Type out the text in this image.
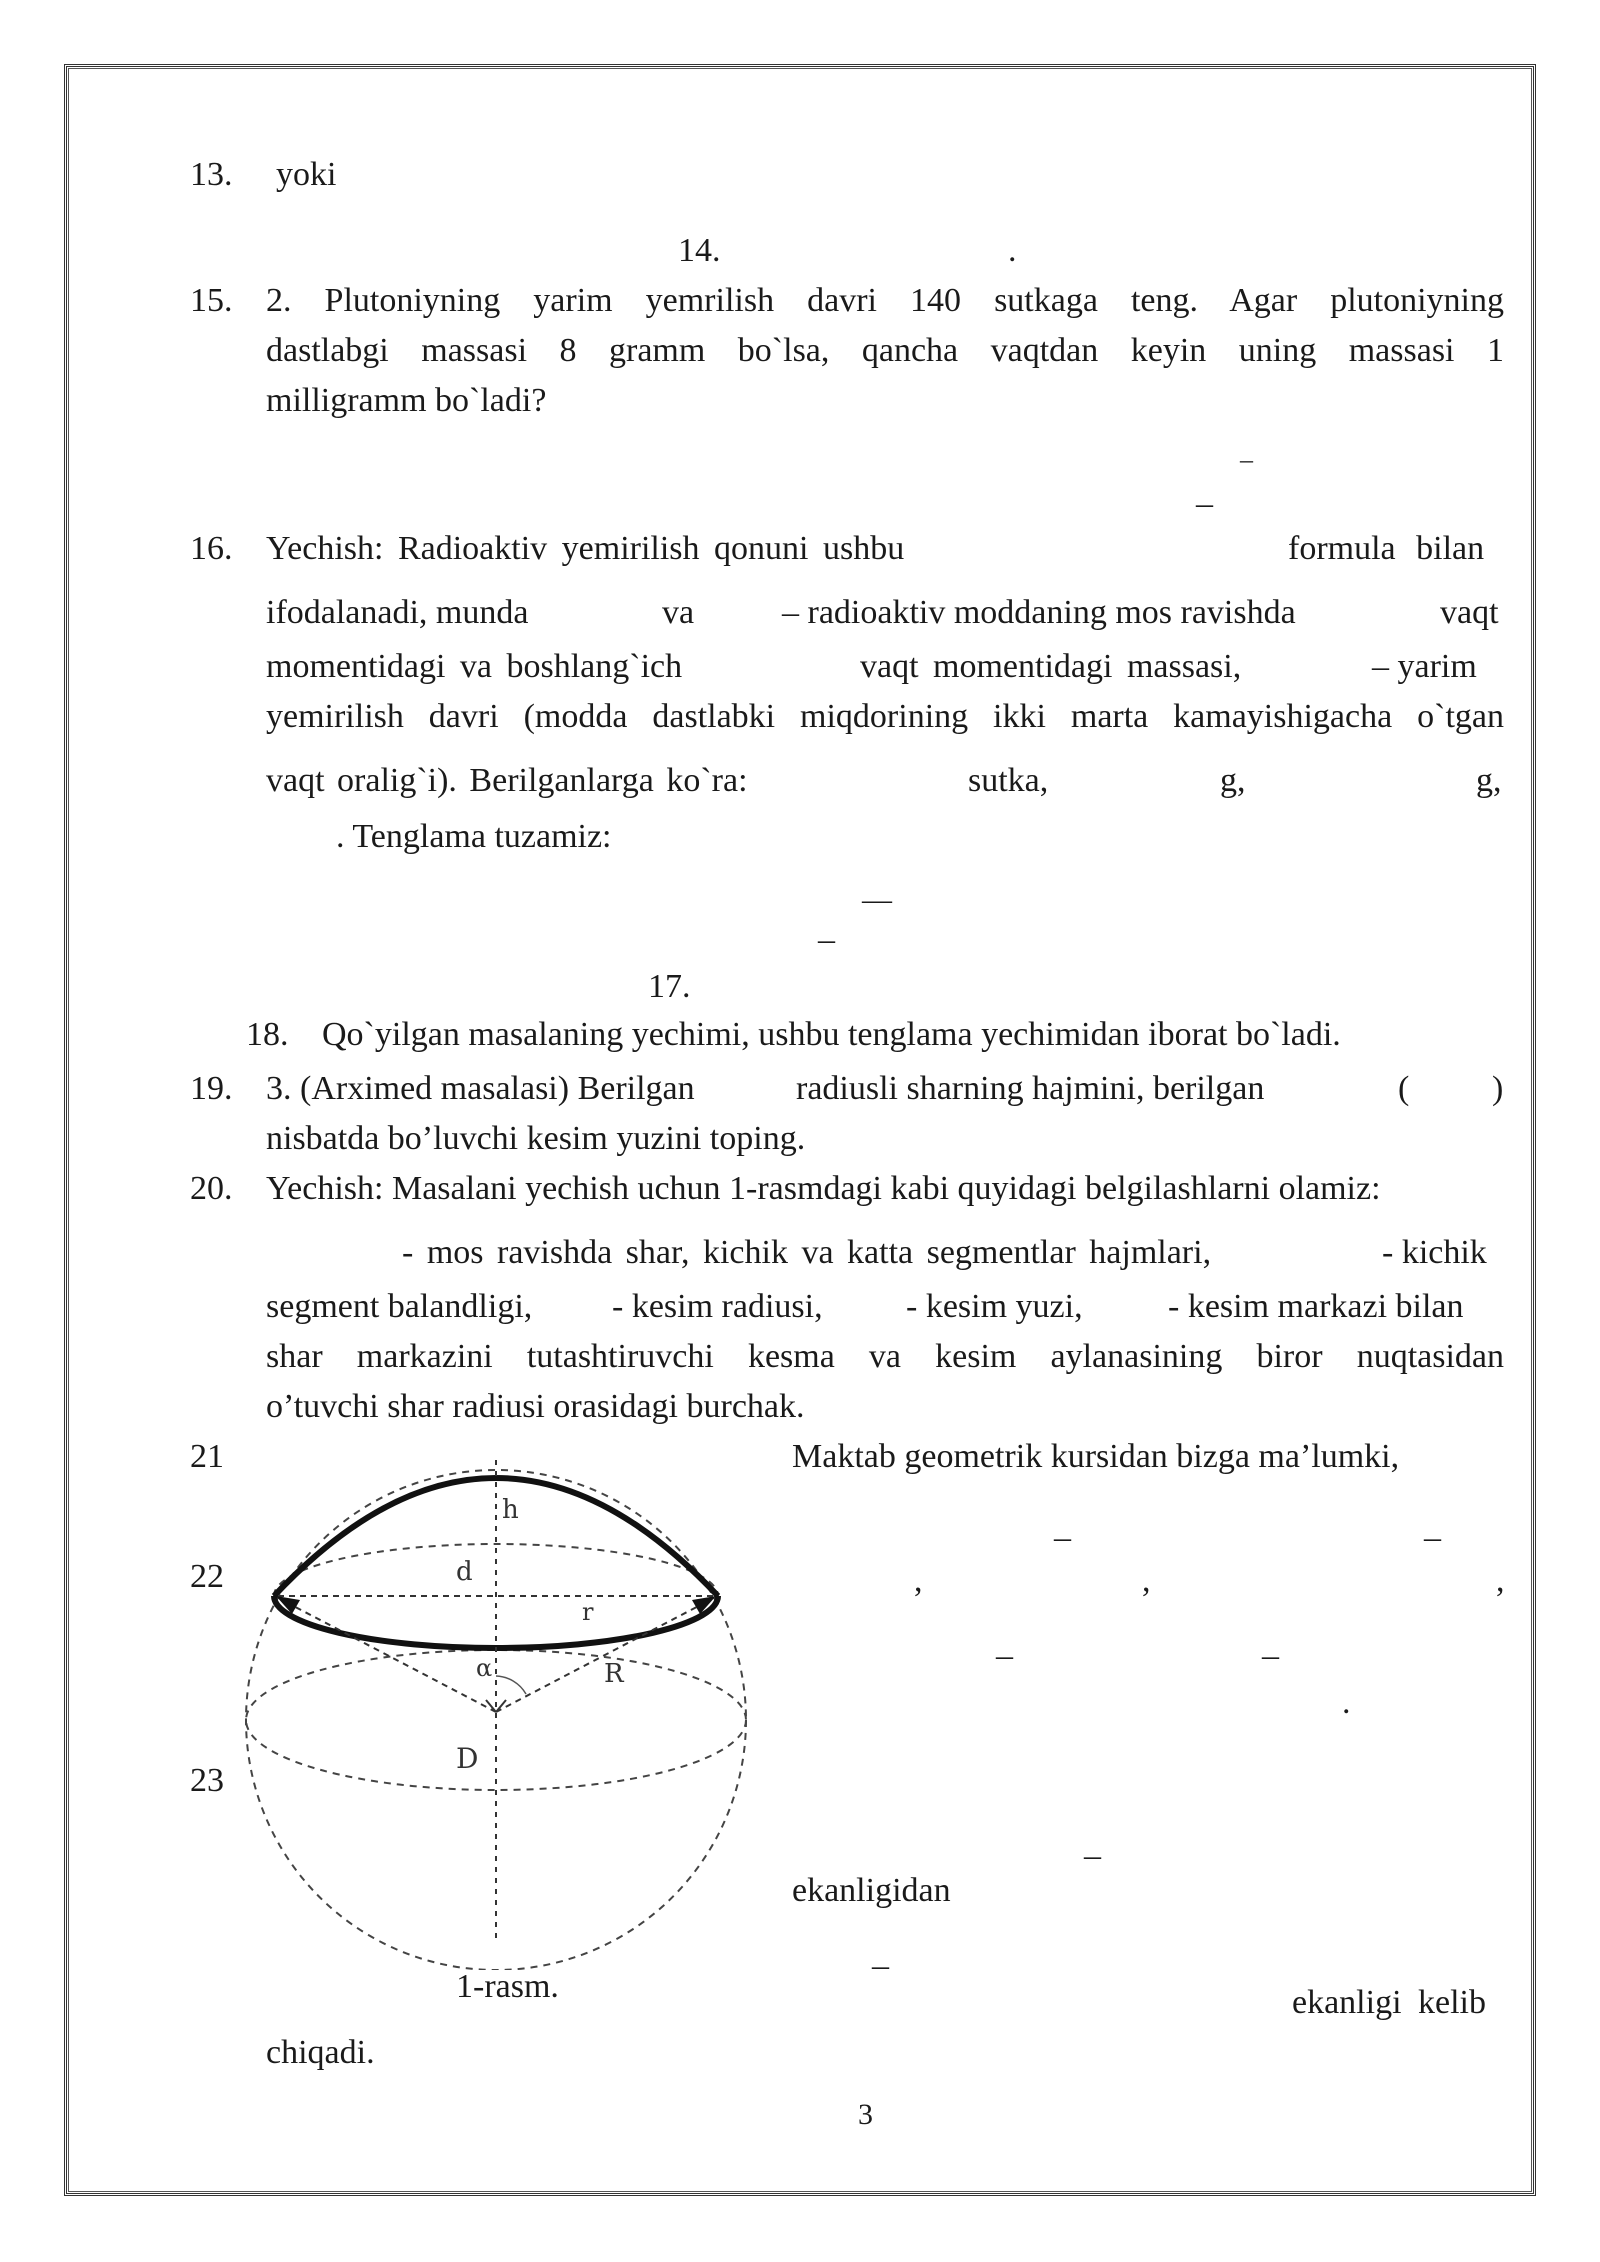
13. yoki
14.	.
15. 2. Plutoniyning yarim yemrilish davri 140 sutkaga teng. Agar plutoniyning
dastlabgi massasi 8 gramm bo`lsa, qancha vaqtdan keyin uning massasi 1
milligramm bo`ladi?
–
–
16. Yechish: Radioaktiv yemirilish qonuni ushbu	formula bilan
ifodalanadi, munda	va	– radioaktiv moddaning mos ravishda	vaqt
momentidagi va boshlang`ich	vaqt momentidagi massasi,	– yarim
yemirilish davri (modda dastlabki miqdorining ikki marta kamayishigacha o`tgan
vaqt oralig`i). Berilganlarga ko`ra:	sutka,	g,	g,
. Tenglama tuzamiz:
—
–
17.
18. Qo`yilgan masalaning yechimi, ushbu tenglama yechimidan iborat bo`ladi.
19. 3. (Arximed masalasi) Berilgan	radiusli sharning hajmini, berilgan	( )
nisbatda bo’luvchi kesim yuzini toping.
20. Yechish: Masalani yechish uchun 1-rasmdagi kabi quyidagi belgilashlarni olamiz:
- mos ravishda shar, kichik va katta segmentlar hajmlari,	- kichik
segment balandligi, - kesim radiusi, - kesim yuzi,	- kesim markazi bilan
shar markazini tutashtiruvchi kesma va kesim aylanasining biror nuqtasidan
o’tuvchi shar radiusi orasidagi burchak.
21	Maktab geometrik kursidan bizga ma’lumki,
–	–
22	,	,	,
–	–
.
23
–
ekanligidan
–
ekanligi kelib
chiqadi.
h
d
r
α	R
D
1-rasm.
3
